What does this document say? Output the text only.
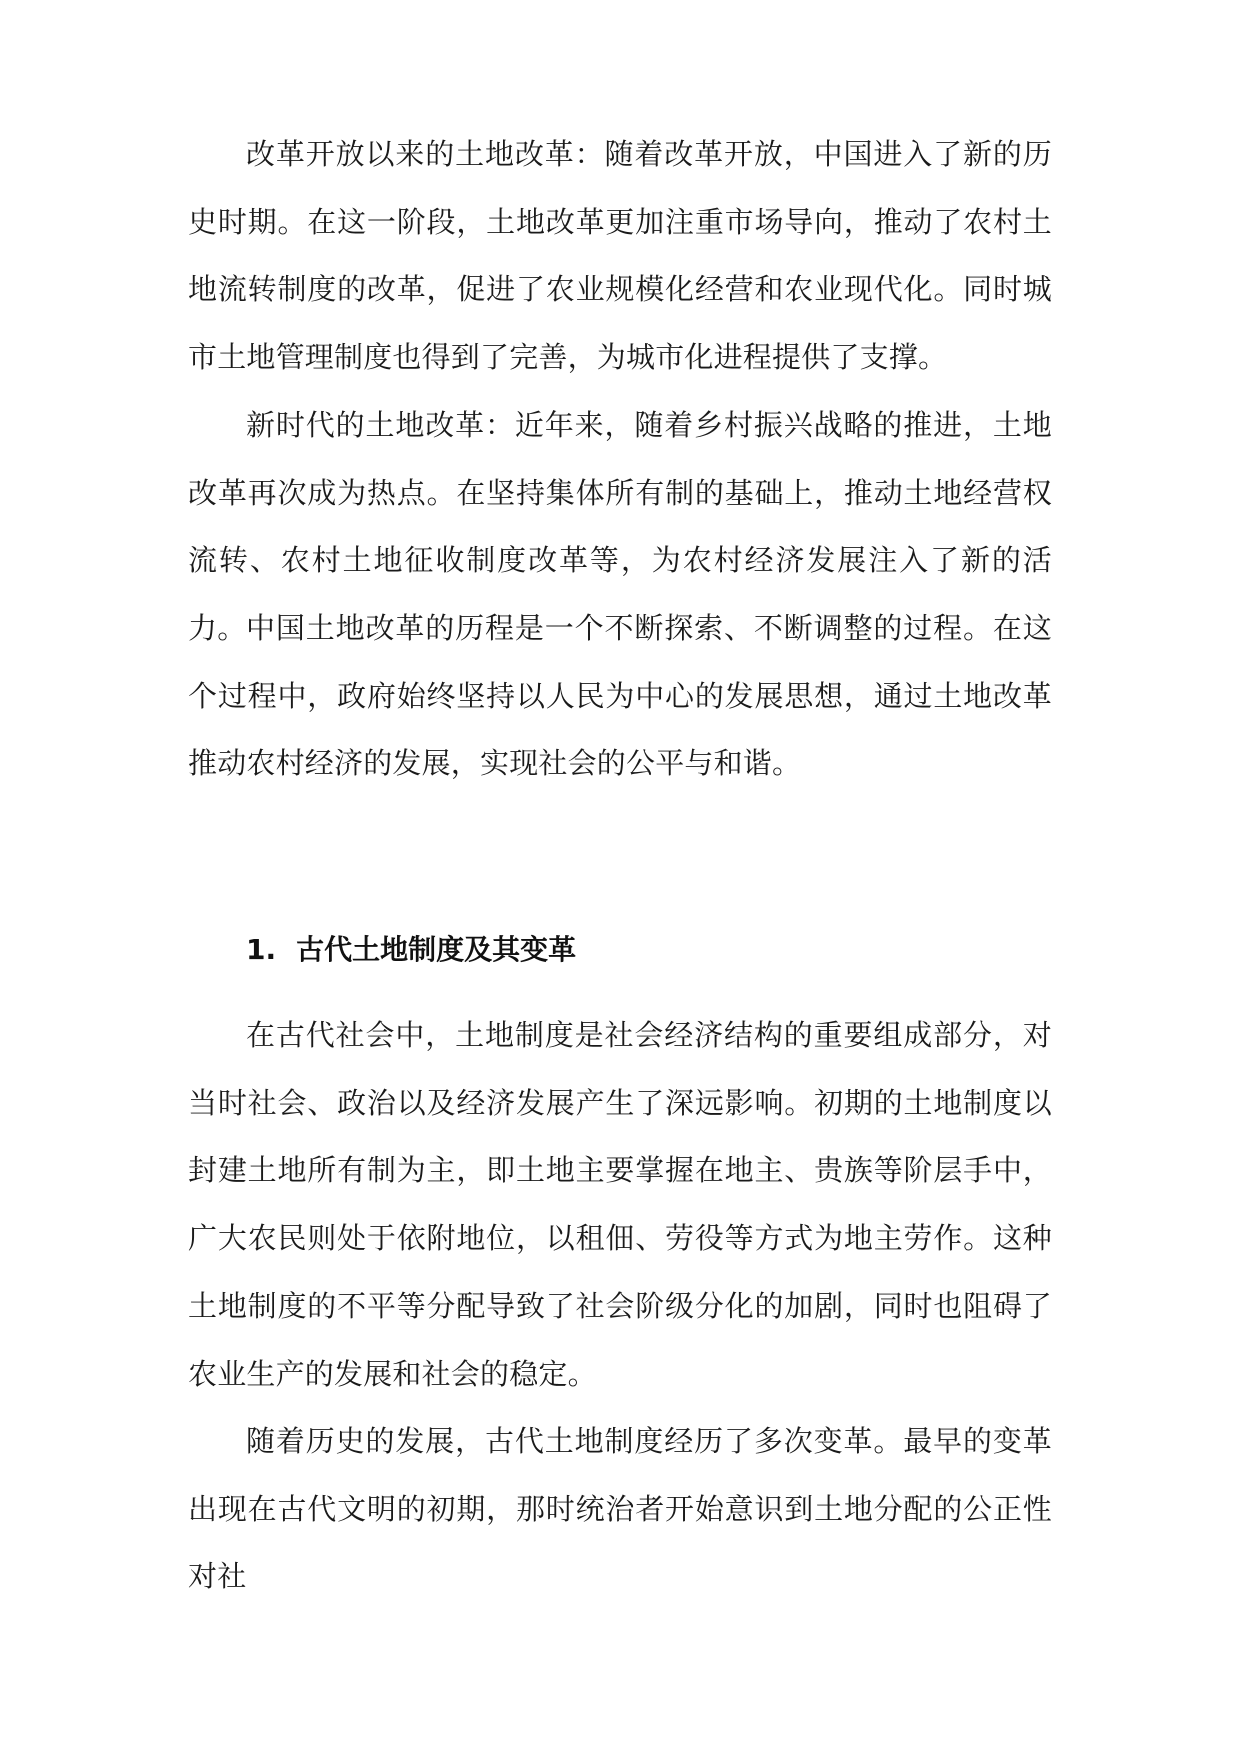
改革开放以来的土地改革：随着改革开放，中国进入了新的历史时期。在这一阶段，土地改革更加注重市场导向，推动了农村土地流转制度的改革，促进了农业规模化经营和农业现代化。同时城市土地管理制度也得到了完善，为城市化进程提供了支撑。

新时代的土地改革：近年来，随着乡村振兴战略的推进，土地改革再次成为热点。在坚持集体所有制的基础上，推动土地经营权流转、农村土地征收制度改革等，为农村经济发展注入了新的活力。 中国土地改革的历程是一个不断探索、不断调整的过程。在这个过程中，政府始终坚持以人民为中心的发展思想，通过土地改革推动农村经济的发展，实现社会的公平与和谐。

1. 古代土地制度及其变革

在古代社会中，土地制度是社会经济结构的重要组成部分，对当时社会、政治以及经济发展产生了深远影响。初期的土地制度以封建土地所有制为主，即土地主要掌握在地主、贵族等阶层手中，广大农民则处于依附地位，以租佃、劳役等方式为地主劳作。这种土地制度的不平等分配导致了社会阶级分化的加剧，同时也阻碍了农业生产的发展和社会的稳定。

随着历史的发展，古代土地制度经历了多次变革。最早的变革出现在古代文明的初期，那时统治者开始意识到土地分配的公正性对社
